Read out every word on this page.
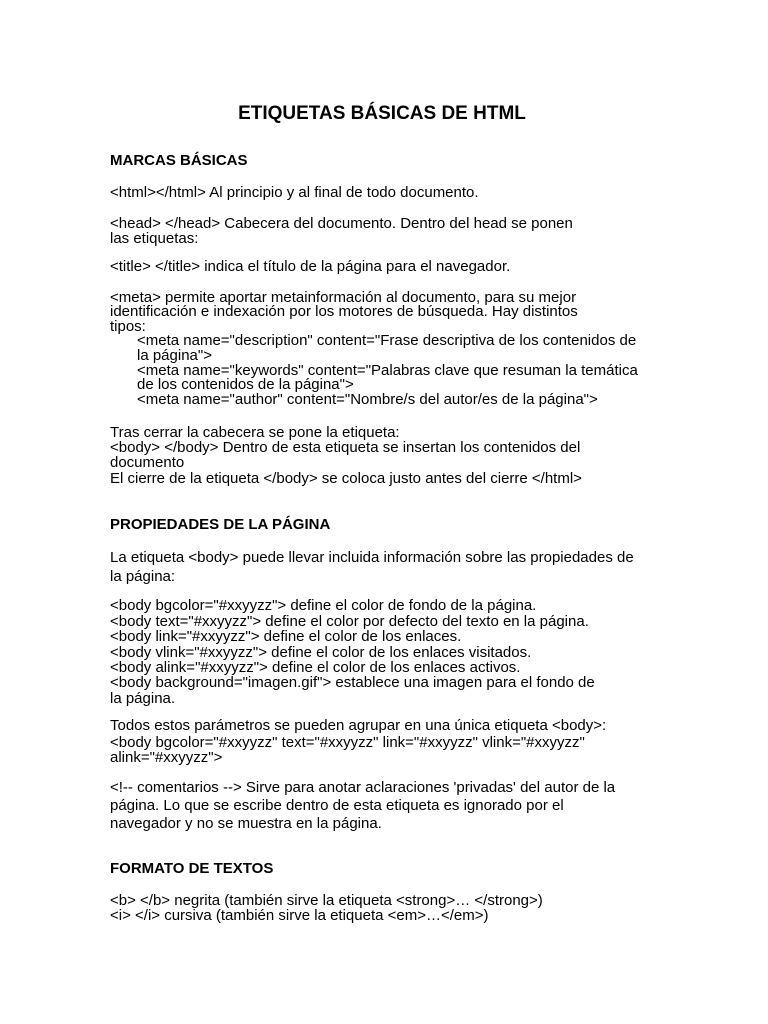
ETIQUETAS BÁSICAS DE HTML
MARCAS BÁSICAS

<html></html> Al principio y al final de todo documento.

<head> </head> Cabecera del documento. Dentro del head se ponen

las etiquetas:

<title> </title> indica el título de la página para el navegador.

<meta> permite aportar metainformación al documento, para su mejor

identificación e indexación por los motores de búsqueda. Hay distintos

tipos:

<meta name="description" content="Frase descriptiva de los contenidos de

la página">

<meta name="keywords" content="Palabras clave que resuman la temática

de los contenidos de la página">

<meta name="author" content="Nombre/s del autor/es de la página">

Tras cerrar la cabecera se pone la etiqueta:

<body> </body> Dentro de esta etiqueta se insertan los contenidos del

documento

El cierre de la etiqueta </body> se coloca justo antes del cierre </html>

PROPIEDADES DE LA PÁGINA

La etiqueta <body> puede llevar incluida información sobre las propiedades de

la página:

<body bgcolor="#xxyyzz"> define el color de fondo de la página.

<body text="#xxyyzz"> define el color por defecto del texto en la página.

<body link="#xxyyzz"> define el color de los enlaces.

<body vlink="#xxyyzz"> define el color de los enlaces visitados.

<body alink="#xxyyzz"> define el color de los enlaces activos.

<body background="imagen.gif"> establece una imagen para el fondo de

la página.

Todos estos parámetros se pueden agrupar en una única etiqueta <body>:

<body bgcolor="#xxyyzz" text="#xxyyzz" link="#xxyyzz" vlink="#xxyyzz"

alink="#xxyyzz">

<!-- comentarios --> Sirve para anotar aclaraciones 'privadas' del autor de la

página. Lo que se escribe dentro de esta etiqueta es ignorado por el

navegador y no se muestra en la página.

FORMATO DE TEXTOS

<b> </b> negrita (también sirve la etiqueta <strong>… </strong>)

<i> </i> cursiva (también sirve la etiqueta <em>…</em>)
